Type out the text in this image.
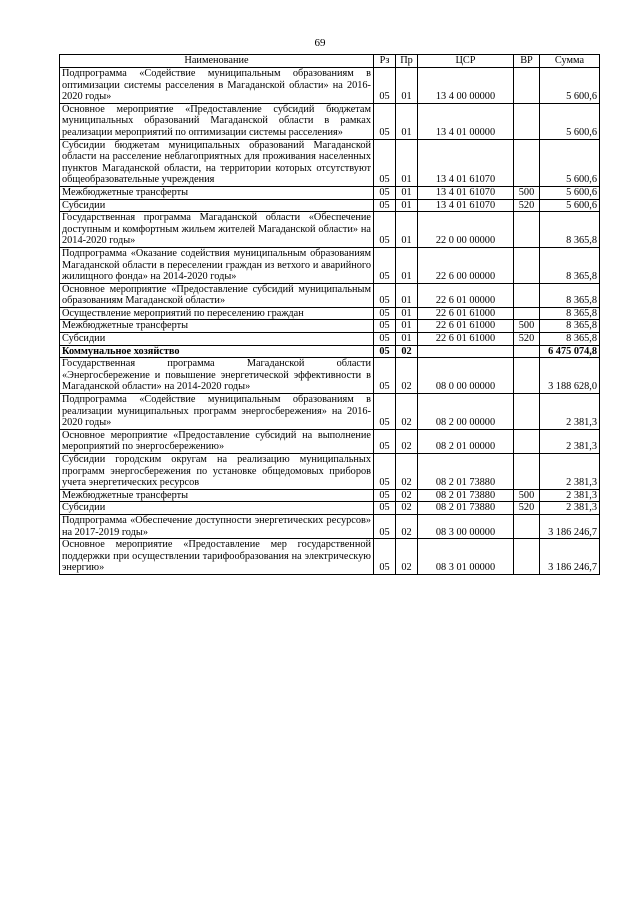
69
Наименование	Рз	Пр	ЦСР	ВР	Сумма
Подпрограмма «Содействие муниципальным образованиям в оптимизации системы расселения в Магаданской области» на 2016-2020 годы»	05	01	13 4 00 00000		5 600,6
Основное мероприятие «Предоставление субсидий бюджетам муниципальных образований Магаданской области в рамках реализации мероприятий по оптимизации системы расселения»	05	01	13 4 01 00000		5 600,6
Субсидии бюджетам муниципальных образований Магаданской области на расселение неблагоприятных для проживания населенных пунктов Магаданской области, на территории которых отсутствуют общеобразовательные учреждения	05	01	13 4 01 61070		5 600,6
Межбюджетные трансферты	05	01	13 4 01 61070	500	5 600,6
Субсидии	05	01	13 4 01 61070	520	5 600,6
Государственная программа Магаданской области «Обеспечение доступным и комфортным жильем жителей Магаданской области» на 2014-2020 годы»	05	01	22 0 00 00000		8 365,8
Подпрограмма «Оказание содействия муниципальным образованиям Магаданской области в переселении граждан из ветхого и аварийного жилищного фонда» на 2014-2020 годы»	05	01	22 6 00 00000		8 365,8
Основное мероприятие «Предоставление субсидий муниципальным образованиям Магаданской области»	05	01	22 6 01 00000		8 365,8
Осуществление мероприятий по переселению граждан	05	01	22 6 01 61000		8 365,8
Межбюджетные трансферты	05	01	22 6 01 61000	500	8 365,8
Субсидии	05	01	22 6 01 61000	520	8 365,8
Коммунальное хозяйство	05	02			6 475 074,8
Государственная программа Магаданской области «Энергосбережение и повышение энергетической эффективности в Магаданской области» на 2014-2020 годы»	05	02	08 0 00 00000		3 188 628,0
Подпрограмма «Содействие муниципальным образованиям в реализации муниципальных программ энергосбережения» на 2016-2020 годы»	05	02	08 2 00 00000		2 381,3
Основное мероприятие «Предоставление субсидий на выполнение мероприятий по энергосбережению»	05	02	08 2 01 00000		2 381,3
Субсидии городским округам на реализацию муниципальных программ энергосбережения по установке общедомовых приборов учета энергетических ресурсов	05	02	08 2 01 73880		2 381,3
Межбюджетные трансферты	05	02	08 2 01 73880	500	2 381,3
Субсидии	05	02	08 2 01 73880	520	2 381,3
Подпрограмма «Обеспечение доступности энергетических ресурсов» на 2017-2019 годы»	05	02	08 3 00 00000		3 186 246,7
Основное мероприятие «Предоставление мер государственной поддержки при осуществлении тарифообразования на электрическую энергию»	05	02	08 3 01 00000		3 186 246,7
